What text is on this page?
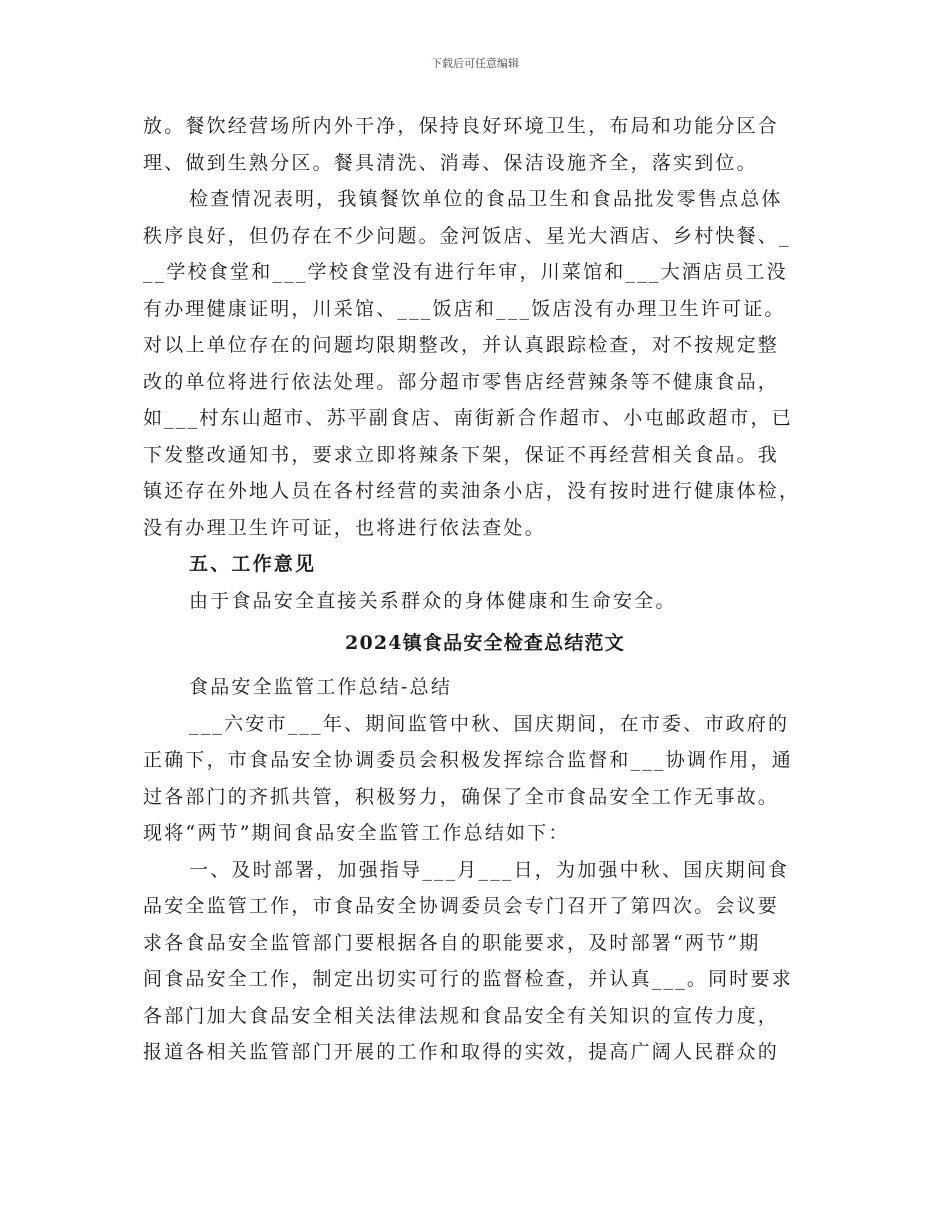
下载后可任意编辑
放。餐饮经营场所内外干净，保持良好环境卫生，布局和功能分区合
理、做到生熟分区。餐具清洗、消毒、保洁设施齐全，落实到位。
检查情况表明，我镇餐饮单位的食品卫生和食品批发零售点总体
秩序良好，但仍存在不少问题。金河饭店、星光大酒店、乡村快餐、_
__学校食堂和___学校食堂没有进行年审，川菜馆和___大酒店员工没
有办理健康证明，川采馆、___饭店和___饭店没有办理卫生许可证。
对以上单位存在的问题均限期整改，并认真跟踪检查，对不按规定整
改的单位将进行依法处理。部分超市零售店经营辣条等不健康食品，
如___村东山超市、苏平副食店、南街新合作超市、小屯邮政超市，已
下发整改通知书，要求立即将辣条下架，保证不再经营相关食品。我
镇还存在外地人员在各村经营的卖油条小店，没有按时进行健康体检，
没有办理卫生许可证，也将进行依法查处。
五、工作意见
由于食品安全直接关系群众的身体健康和生命安全。
2024镇食品安全检查总结范文
食品安全监管工作总结-总结
___六安市___年、期间监管中秋、国庆期间，在市委、市政府的
正确下，市食品安全协调委员会积极发挥综合监督和___协调作用，通
过各部门的齐抓共管，积极努力，确保了全市食品安全工作无事故。
现将“两节”期间食品安全监管工作总结如下：
一、及时部署，加强指导___月___日，为加强中秋、国庆期间食
品安全监管工作，市食品安全协调委员会专门召开了第四次。会议要
求各食品安全监管部门要根据各自的职能要求，及时部署“两节”期
间食品安全工作，制定出切实可行的监督检查，并认真___。同时要求
各部门加大食品安全相关法律法规和食品安全有关知识的宣传力度，
报道各相关监管部门开展的工作和取得的实效，提高广阔人民群众的
